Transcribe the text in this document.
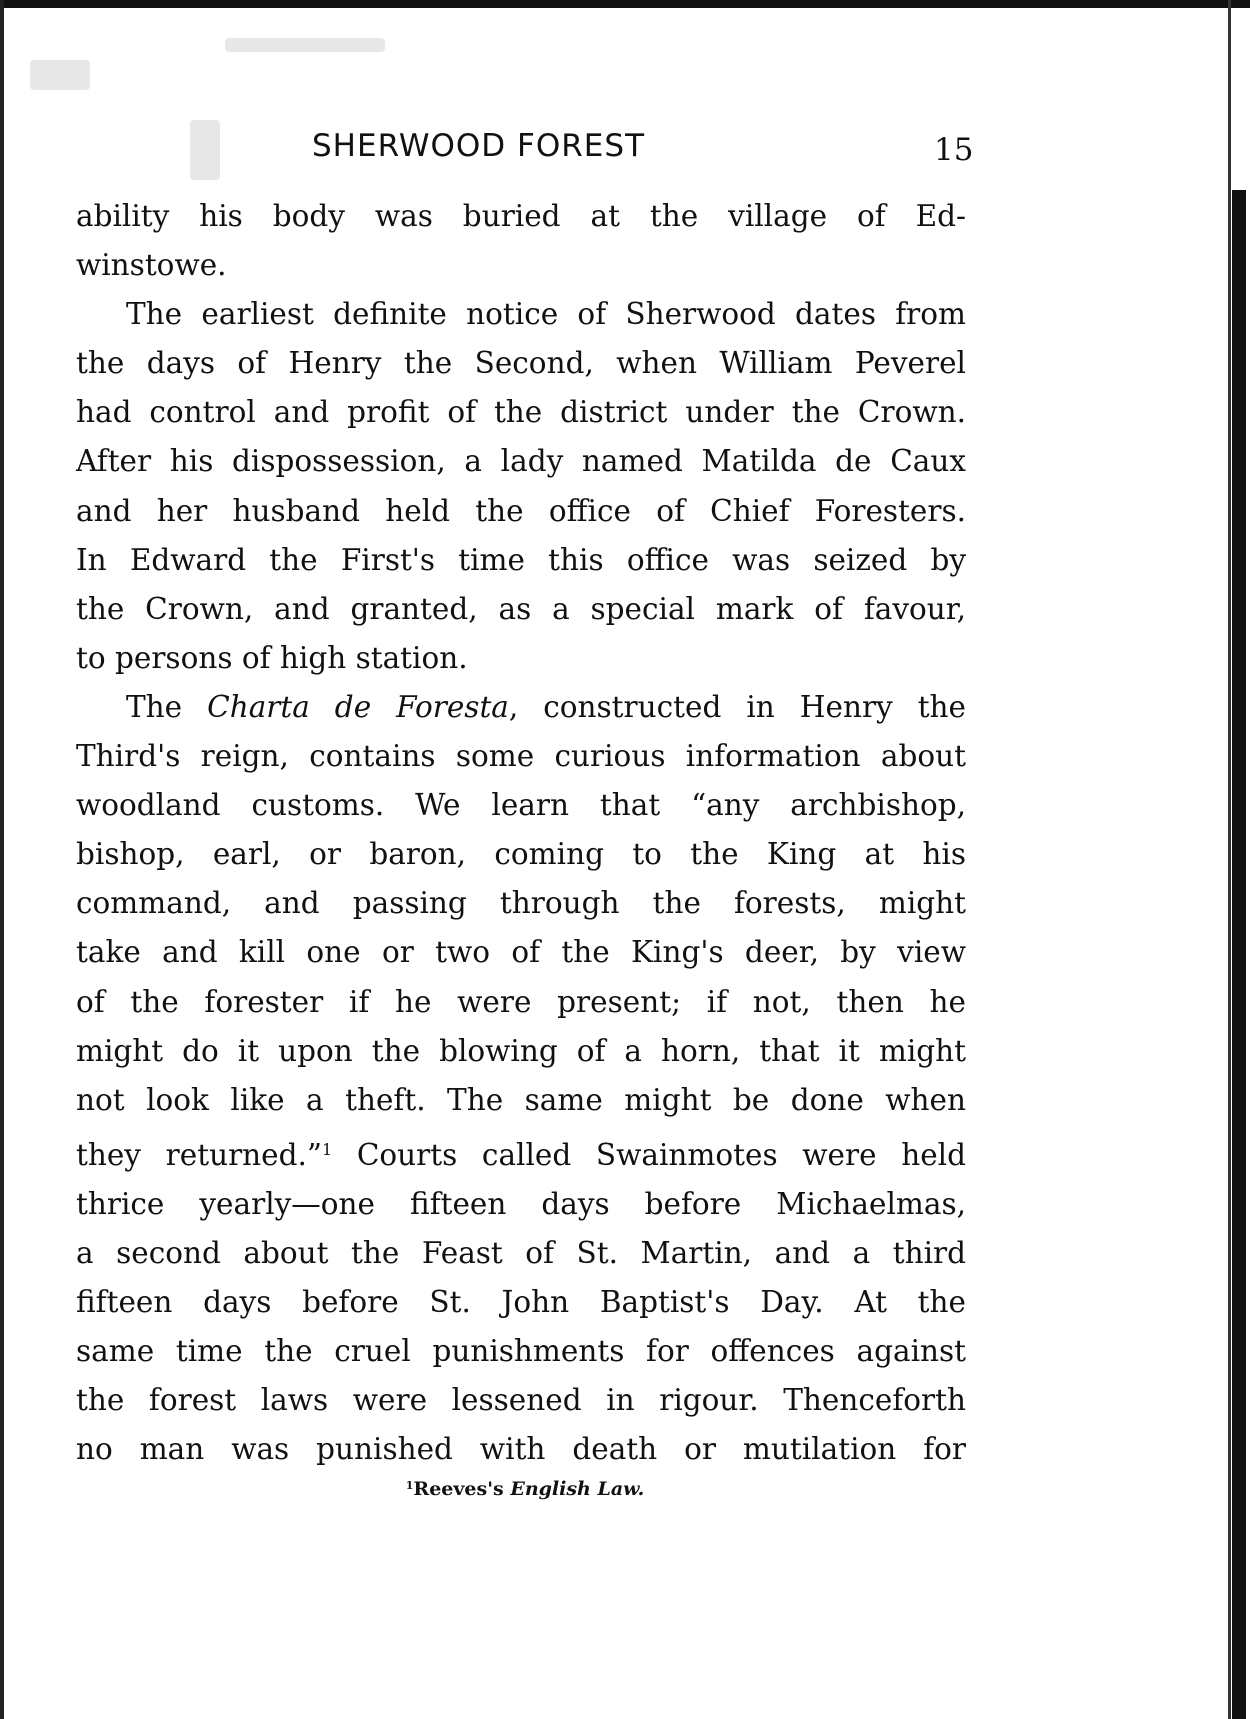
SHERWOOD FOREST	15

ability his body was buried at the village of Ed-
winstowe.

The earliest definite notice of Sherwood dates from
the days of Henry the Second, when William Peverel
had control and profit of the district under the Crown.
After his dispossession, a lady named Matilda de Caux
and her husband held the office of Chief Foresters.
In Edward the First's time this office was seized by
the Crown, and granted, as a special mark of favour,
to persons of high station.

The Charta de Foresta, constructed in Henry the
Third's reign, contains some curious information about
woodland customs. We learn that “any archbishop,
bishop, earl, or baron, coming to the King at his
command, and passing through the forests, might
take and kill one or two of the King's deer, by view
of the forester if he were present; if not, then he
might do it upon the blowing of a horn, that it might
not look like a theft. The same might be done when
they returned.”$^1$ Courts called Swainmotes were held
thrice yearly—one fifteen days before Michaelmas,
a second about the Feast of St. Martin, and a third
fifteen days before St. John Baptist's Day. At the
same time the cruel punishments for offences against
the forest laws were lessened in rigour. Thenceforth
no man was punished with death or mutilation for

$^1$Reeves's English Law.
